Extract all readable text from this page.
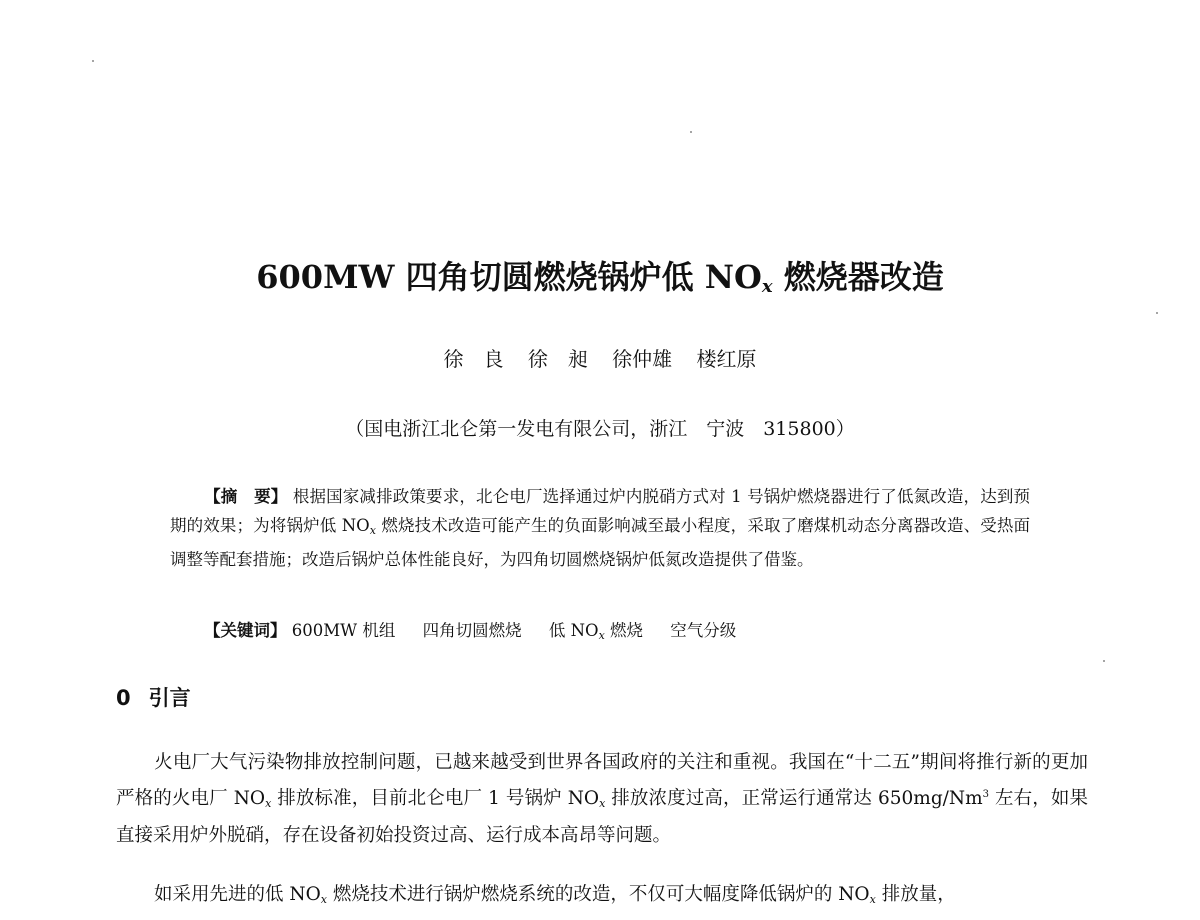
600MW 四角切圆燃烧锅炉低 $NO_x$ 燃烧器改造
徐　良 徐　昶 徐仲雄 楼红原
（国电浙江北仑第一发电有限公司，浙江　宁波　315800）
【摘　要】 根据国家减排政策要求，北仑电厂选择通过炉内脱硝方式对 1 号锅炉燃烧器进行了低氮改造，达到预期的效果；为将锅炉低 $NO_x$ 燃烧技术改造可能产生的负面影响减至最小程度，采取了磨煤机动态分离器改造、受热面调整等配套措施；改造后锅炉总体性能良好，为四角切圆燃烧锅炉低氮改造提供了借鉴。
【关键词】 600MW 机组 四角切圆燃烧 低 $NO_x$ 燃烧 空气分级
0 引言
火电厂大气污染物排放控制问题，已越来越受到世界各国政府的关注和重视。我国在“十二五”期间将推行新的更加严格的火电厂 $NO_x$ 排放标准，目前北仑电厂 1 号锅炉 $NO_x$ 排放浓度过高，正常运行通常达 650mg/Nm$^3$ 左右，如果直接采用炉外脱硝，存在设备初始投资过高、运行成本高昂等问题。
如采用先进的低 $NO_x$ 燃烧技术进行锅炉燃烧系统的改造，不仅可大幅度降低锅炉的 $NO_x$ 排放量，
